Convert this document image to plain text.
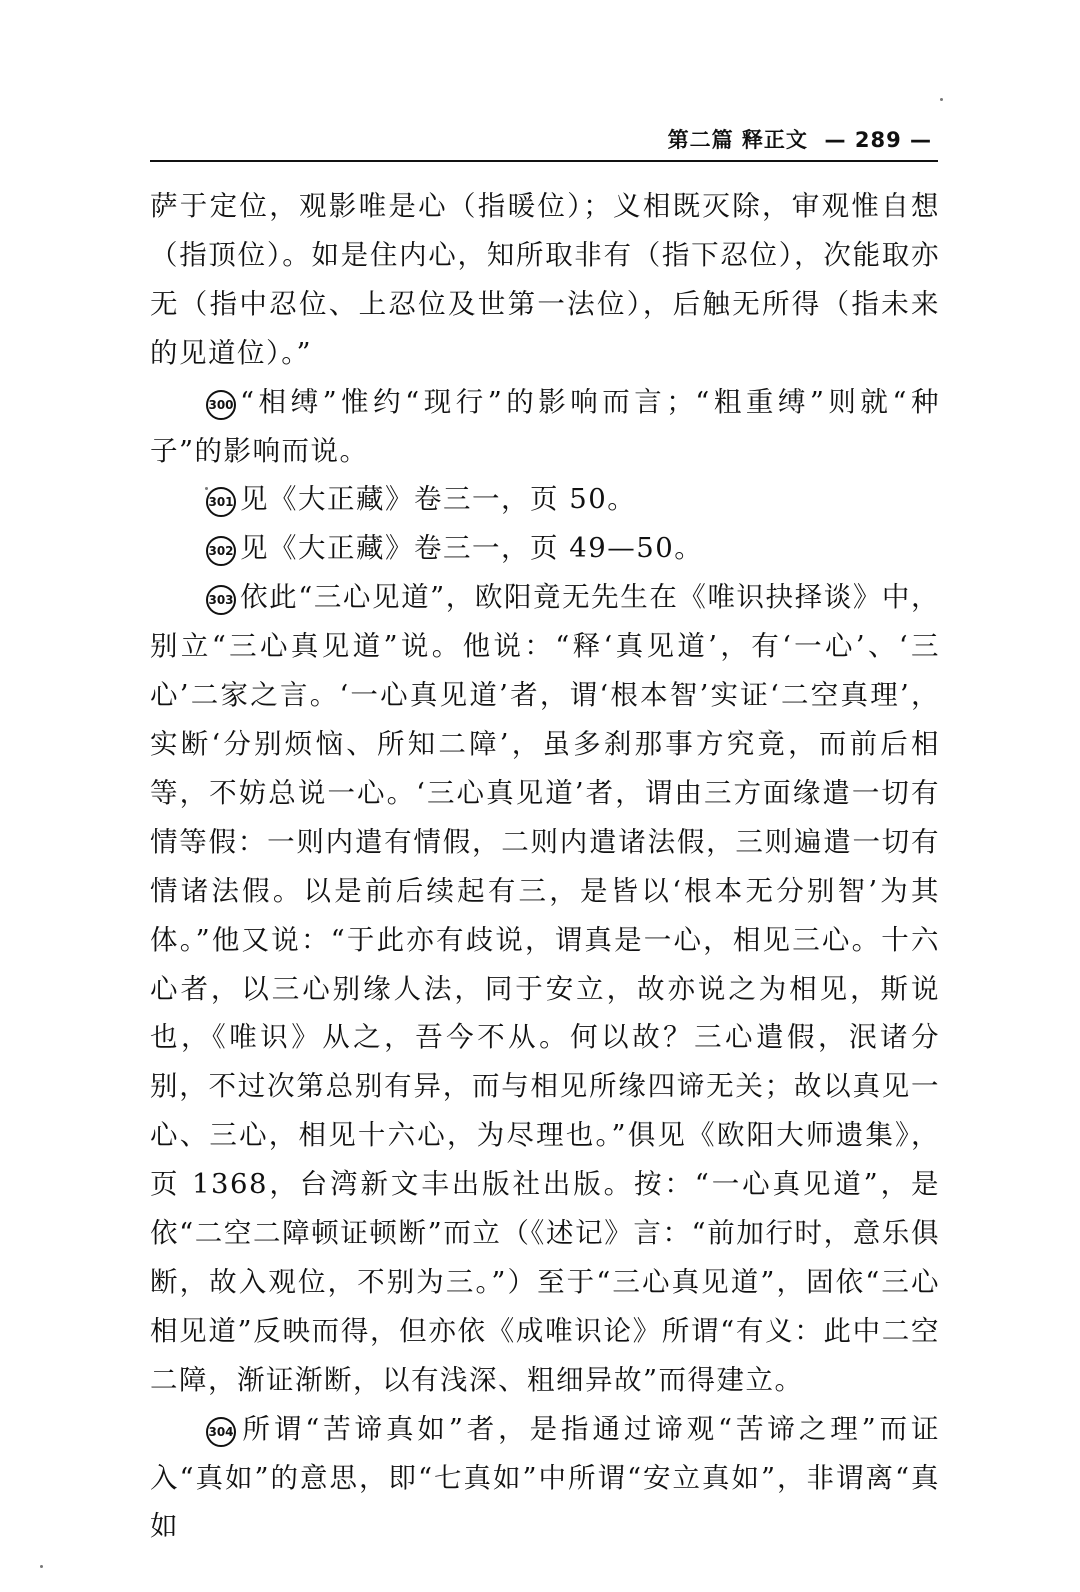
第二篇 释正文 — 289 —

萨于定位，观影唯是心（指暖位）；义相既灭除，审观惟自想（指顶位）。如是住内心，知所取非有（指下忍位），次能取亦无（指中忍位、上忍位及世第一法位），后触无所得（指未来的见道位）。”

300 “相缚”惟约“现行”的影响而言；“粗重缚”则就“种子”的影响而说。

301 见《大正藏》卷三一，页 50。

302 见《大正藏》卷三一，页 49—50。

303 依此“三心见道”，欧阳竟无先生在《唯识抉择谈》中，别立“三心真见道”说。他说：“释‘真见道’，有‘一心’、‘三心’二家之言。‘一心真见道’者，谓‘根本智’实证‘二空真理’，实断‘分别烦恼、所知二障’，虽多刹那事方究竟，而前后相等，不妨总说一心。‘三心真见道’者，谓由三方面缘遣一切有情等假：一则内遣有情假，二则内遣诸法假，三则遍遣一切有情诸法假。以是前后续起有三，是皆以‘根本无分别智’为其体。”他又说：“于此亦有歧说，谓真是一心，相见三心。十六心者，以三心别缘人法，同于安立，故亦说之为相见，斯说也，《唯识》从之，吾今不从。何以故？三心遣假，泯诸分别，不过次第总别有异，而与相见所缘四谛无关；故以真见一心、三心，相见十六心，为尽理也。”俱见《欧阳大师遗集》，页 1368，台湾新文丰出版社出版。按：“一心真见道”，是依“二空二障顿证顿断”而立（《述记》言：“前加行时，意乐俱断，故入观位，不别为三。”）至于“三心真见道”，固依“三心相见道”反映而得，但亦依《成唯识论》所谓“有义：此中二空二障，渐证渐断，以有浅深、粗细异故”而得建立。

304 所谓“苦谛真如”者，是指通过谛观“苦谛之理”而证入“真如”的意思，即“七真如”中所谓“安立真如”，非谓离“真如
